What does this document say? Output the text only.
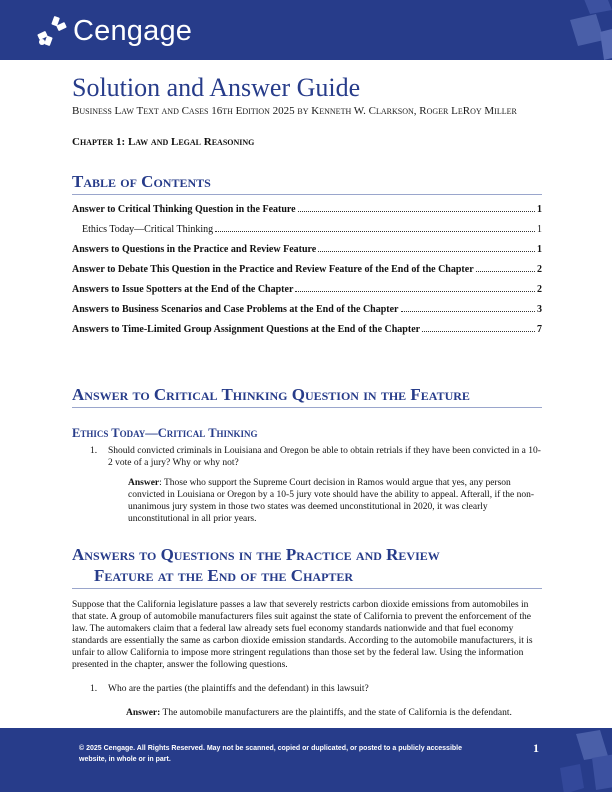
Cengage
Solution and Answer Guide
Business Law Text and Cases 16th Edition 2025 by Kenneth W. Clarkson, Roger LeRoy Miller
Chapter 1: Law and Legal Reasoning
Table of Contents
Answer to Critical Thinking Question in the Feature	1
Ethics Today—Critical Thinking	1
Answers to Questions in the Practice and Review Feature	1
Answer to Debate This Question in the Practice and Review Feature of the End of the Chapter	2
Answers to Issue Spotters at the End of the Chapter	2
Answers to Business Scenarios and Case Problems at the End of the Chapter	3
Answers to Time-Limited Group Assignment Questions at the End of the Chapter	7
Answer to Critical Thinking Question in the Feature
Ethics Today—Critical Thinking
1. Should convicted criminals in Louisiana and Oregon be able to obtain retrials if they have been convicted in a 10-2 vote of a jury? Why or why not?
Answer: Those who support the Supreme Court decision in Ramos would argue that yes, any person convicted in Louisiana or Oregon by a 10-5 jury vote should have the ability to appeal. Afterall, if the non-unanimous jury system in those two states was deemed unconstitutional in 2020, it was clearly unconstitutional in all prior years.
Answers to Questions in the Practice and Review
Feature at the End of the Chapter
Suppose that the California legislature passes a law that severely restricts carbon dioxide emissions from automobiles in that state. A group of automobile manufacturers files suit against the state of California to prevent the enforcement of the law. The automakers claim that a federal law already sets fuel economy standards nationwide and that fuel economy standards are essentially the same as carbon dioxide emission standards. According to the automobile manufacturers, it is unfair to allow California to impose more stringent regulations than those set by the federal law. Using the information presented in the chapter, answer the following questions.
1. Who are the parties (the plaintiffs and the defendant) in this lawsuit?
Answer: The automobile manufacturers are the plaintiffs, and the state of California is the defendant.
© 2025 Cengage. All Rights Reserved. May not be scanned, copied or duplicated, or posted to a publicly accessible website, in whole or in part.
1
